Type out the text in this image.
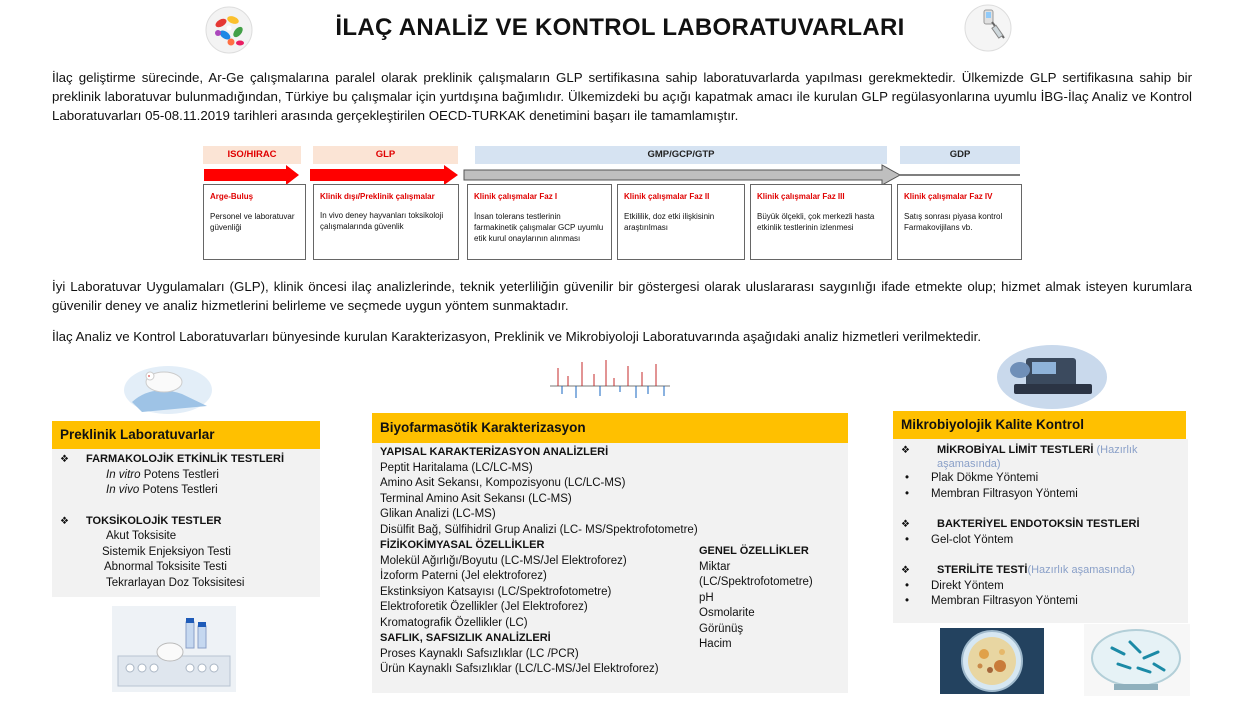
İLAÇ ANALİZ VE KONTROL LABORATUVARLARI
İlaç geliştirme sürecinde, Ar-Ge çalışmalarına paralel olarak preklinik çalışmaların GLP sertifikasına sahip laboratuvarlarda yapılması gerekmektedir. Ülkemizde GLP sertifikasına sahip bir preklinik laboratuvar bulunmadığından, Türkiye bu çalışmalar için yurtdışına bağımlıdır. Ülkemizdeki bu açığı kapatmak amacı ile kurulan GLP regülasyonlarına uyumlu İBG-İlaç Analiz ve Kontrol Laboratuvarları 05-08.11.2019 tarihleri arasında gerçekleştirilen OECD-TURKAK denetimini başarı ile tamamlamıştır.
ISO/HIRAC	GLP	GMP/GCP/GTP	GDP
Arge-Buluş
Personel ve laboratuvar güvenliği
Klinik dışı/Preklinik çalışmalar
In vivo deney hayvanları toksikoloji çalışmalarında güvenlik
Klinik çalışmalar Faz I
İnsan tolerans testlerinin farmakinetik çalışmalar GCP uyumlu etik kurul onaylarının alınması
Klinik çalışmalar Faz II
Etkililik, doz etki ilişkisinin araştırılması
Klinik çalışmalar Faz III
Büyük ölçekli, çok merkezli hasta etkinlik testlerinin izlenmesi
Klinik çalışmalar Faz IV
Satış sonrası piyasa kontrol Farmakovijilans vb.
İyi Laboratuvar Uygulamaları (GLP), klinik öncesi ilaç analizlerinde, teknik yeterliliğin güvenilir bir göstergesi olarak uluslararası saygınlığı ifade etmekte olup; hizmet almak isteyen kurumlara güvenilir deney ve analiz hizmetlerini belirleme ve seçmede uygun yöntem sunmaktadır.
İlaç Analiz ve Kontrol Laboratuvarları bünyesinde kurulan Karakterizasyon, Preklinik ve Mikrobiyoloji Laboratuvarında aşağıdaki analiz hizmetleri verilmektedir.
Preklinik Laboratuvarlar
❖ FARMAKOLOJİK ETKİNLİK TESTLERİ
In vitro Potens Testleri
In vivo Potens Testleri
❖ TOKSİKOLOJİK TESTLER
Akut Toksisite
Sistemik Enjeksiyon Testi
Abnormal Toksisite Testi
Tekrarlayan Doz Toksisitesi
Biyofarmasötik Karakterizasyon
YAPISAL KARAKTERİZASYON ANALİZLERİ
Peptit Haritalama (LC/LC-MS)
Amino Asit Sekansı, Kompozisyonu (LC/LC-MS)
Terminal Amino Asit Sekansı (LC-MS)
Glikan Analizi (LC-MS)
Disülfit Bağ, Sülfihidril Grup Analizi (LC- MS/Spektrofotometre)
FİZİKOKİMYASAL ÖZELLİKLER
Molekül Ağırlığı/Boyutu (LC-MS/Jel Elektroforez)
İzoform Paterni (Jel elektroforez)
Ekstinksiyon Katsayısı (LC/Spektrofotometre)
Elektroforetik Özellikler (Jel Elektroforez)
Kromatografik Özellikler (LC)
SAFLIK, SAFSIZLIK ANALİZLERİ
Proses Kaynaklı Safsızlıklar (LC /PCR)
Ürün Kaynaklı Safsızlıklar (LC/LC-MS/Jel Elektroforez)
GENEL ÖZELLİKLER
Miktar
(LC/Spektrofotometre)
pH
Osmolarite
Görünüş
Hacim
Mikrobiyolojik Kalite Kontrol
❖	MİKROBİYAL LİMİT TESTLERİ (Hazırlık
aşamasında)
• Plak Dökme Yöntemi
• Membran Filtrasyon Yöntemi
❖ BAKTERİYEL ENDOTOKSİN TESTLERİ
• Gel-clot Yöntem
❖ STERİLİTE TESTİ(Hazırlık aşamasında)
• Direkt Yöntem
• Membran Filtrasyon Yöntemi
